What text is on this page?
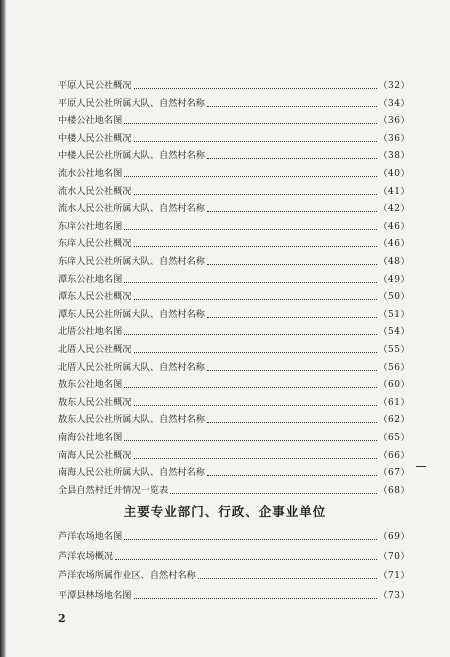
平原人民公社概况	（32）
平原人民公社所属大队、自然村名称	（34）
中楼公社地名图	（36）
中楼人民公社概况	（36）
中楼人民公社所属大队、自然村名称	（38）
流水公社地名图	（40）
流水人民公社概况	（41）
流水人民公社所属大队、自然村名称	（42）
东庠公社地名图	（46）
东庠人民公社概况	（46）
东庠人民公社所属大队、自然村名称	（48）
潭东公社地名图	（49）
潭东人民公社概况	（50）
潭东人民公社所属大队、自然村名称	（51）
北厝公社地名图	（54）
北厝人民公社概况	（55）
北厝人民公社所属大队、自然村名称	（56）
敖东公社地名图	（60）
敖东人民公社概况	（61）
敖东人民公社所属大队、自然村名称	（62）
南海公社地名图	（65）
南海人民公社概况	（66）
南海人民公社所属大队、自然村名称	（67）
全县自然村迁并情况一览表	（68）
主要专业部门、行政、企事业单位
芦洋农场地名图	（69）
芦洋农场概况	（70）
芦洋农场所属作业区、自然村名称	（71）
平潭县林场地名图	（73）
2
